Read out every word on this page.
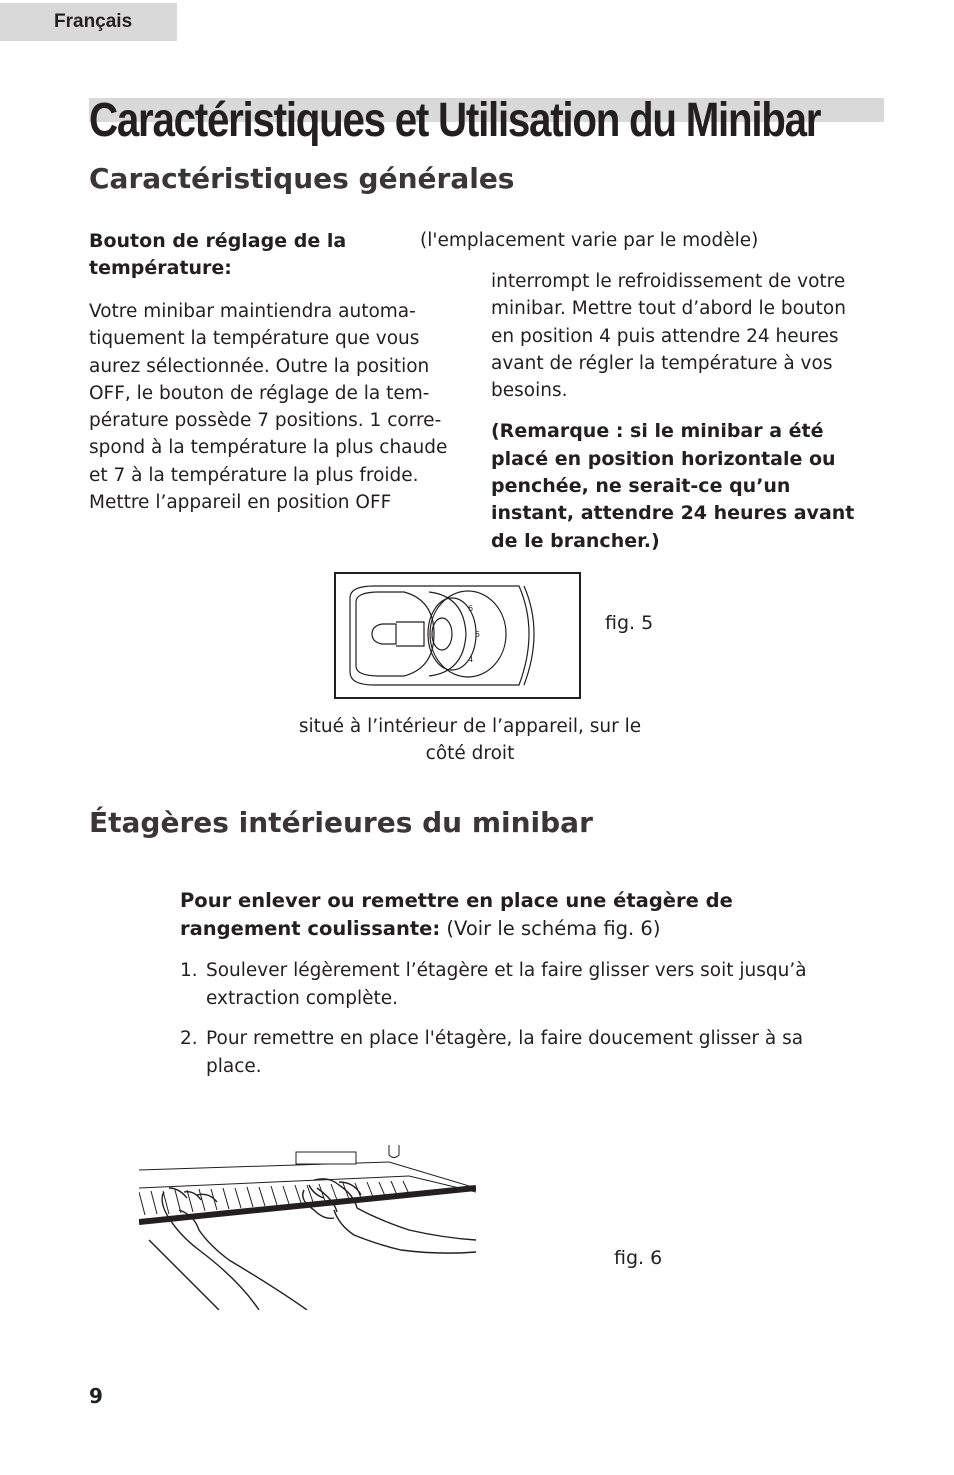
Français
Caractéristiques et Utilisation du Minibar
Caractéristiques générales
Bouton de réglage de la température:

Votre minibar maintiendra automa-tiquement la température que vous aurez sélectionnée. Outre la position OFF, le bouton de réglage de la tem-pérature possède 7 positions. 1 corre-spond à la température la plus chaude et 7 à la température la plus froide. Mettre l’appareil en position OFF

(l'emplacement varie par le modèle)

interrompt le refroidissement de votre minibar. Mettre tout d’abord le bouton en position 4 puis attendre 24 heures avant de régler la température à vos besoins.

(Remarque : si le minibar a été placé en position horizontale ou penchée, ne serait-ce qu’un instant, attendre 24 heures avant de le brancher.)

6
5
4
fig. 5
situé à l’intérieur de l’appareil, sur le côté droit
Étagères intérieures du minibar
Pour enlever ou remettre en place une étagère de rangement coulissante: (Voir le schéma fig. 6)
1. Soulever légèrement l’étagère et la faire glisser vers soit jusqu’à extraction complète.
2. Pour remettre en place l'étagère, la faire doucement glisser à sa place.
fig. 6
9
